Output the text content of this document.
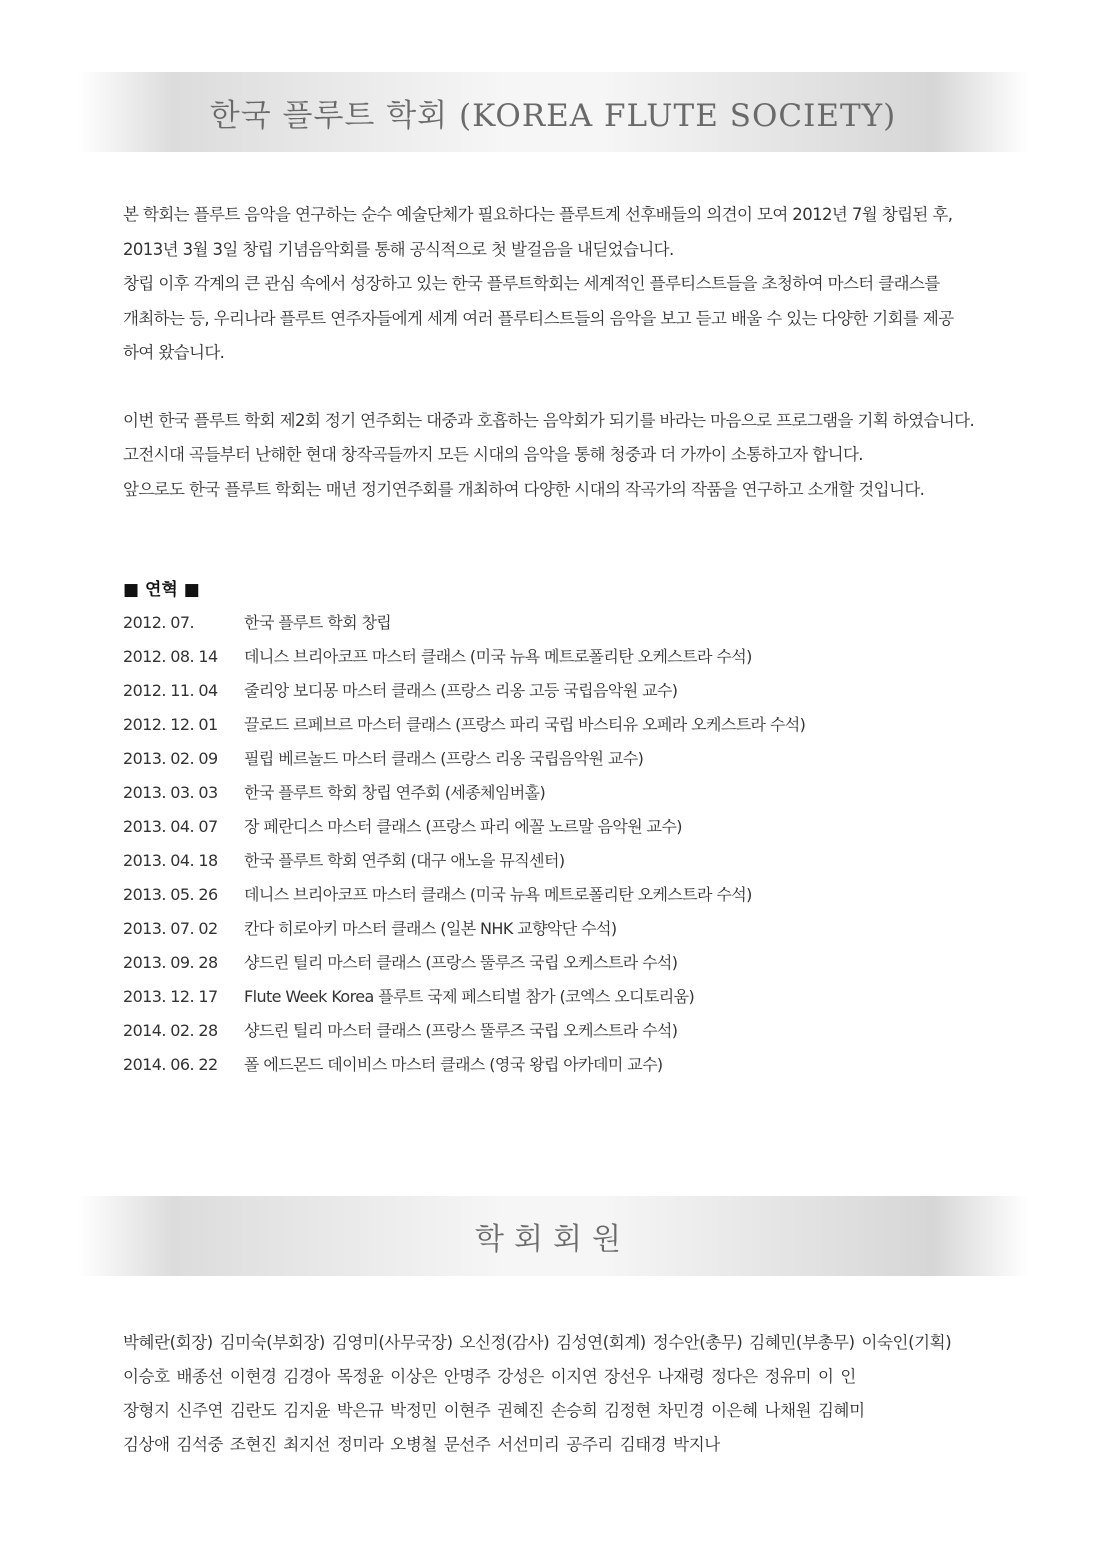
한국 플루트 학회 (KOREA FLUTE SOCIETY)

본 학회는 플루트 음악을 연구하는 순수 예술단체가 필요하다는 플루트계 선후배들의 의견이 모여 2012년 7월 창립된 후,
2013년 3월 3일 창립 기념음악회를 통해 공식적으로 첫 발걸음을 내딛었습니다.
창립 이후 각계의 큰 관심 속에서 성장하고 있는 한국 플루트학회는 세계적인 플루티스트들을 초청하여 마스터 클래스를
개최하는 등, 우리나라 플루트 연주자들에게 세계 여러 플루티스트들의 음악을 보고 듣고 배울 수 있는 다양한 기회를 제공
하여 왔습니다.

이번 한국 플루트 학회 제2회 정기 연주회는 대중과 호흡하는 음악회가 되기를 바라는 마음으로 프로그램을 기획 하였습니다.
고전시대 곡들부터 난해한 현대 창작곡들까지 모든 시대의 음악을 통해 청중과 더 가까이 소통하고자 합니다.
앞으로도 한국 플루트 학회는 매년 정기연주회를 개최하여 다양한 시대의 작곡가의 작품을 연구하고 소개할 것입니다.

■ 연혁 ■
2012. 07.	한국 플루트 학회 창립
2012. 08. 14	데니스 브리아코프 마스터 클래스 (미국 뉴욕 메트로폴리탄 오케스트라 수석)
2012. 11. 04	줄리앙 보디몽 마스터 클래스 (프랑스 리옹 고등 국립음악원 교수)
2012. 12. 01	끌로드 르페브르 마스터 클래스 (프랑스 파리 국립 바스티유 오페라 오케스트라 수석)
2013. 02. 09	필립 베르놀드 마스터 클래스 (프랑스 리옹 국립음악원 교수)
2013. 03. 03	한국 플루트 학회 창립 연주회 (세종체임버홀)
2013. 04. 07	장 페란디스 마스터 클래스 (프랑스 파리 에꼴 노르말 음악원 교수)
2013. 04. 18	한국 플루트 학회 연주회 (대구 애노을 뮤직센터)
2013. 05. 26	데니스 브리아코프 마스터 클래스 (미국 뉴욕 메트로폴리탄 오케스트라 수석)
2013. 07. 02	칸다 히로아키 마스터 클래스 (일본 NHK 교향악단 수석)
2013. 09. 28	샹드린 틸리 마스터 클래스 (프랑스 뚤루즈 국립 오케스트라 수석)
2013. 12. 17	Flute Week Korea 플루트 국제 페스티벌 참가 (코엑스 오디토리움)
2014. 02. 28	샹드린 틸리 마스터 클래스 (프랑스 뚤루즈 국립 오케스트라 수석)
2014. 06. 22	폴 에드몬드 데이비스 마스터 클래스 (영국 왕립 아카데미 교수)
학회회원
박혜란(회장) 김미숙(부회장) 김영미(사무국장) 오신정(감사) 김성연(회계) 정수안(총무) 김혜민(부총무) 이숙인(기획)
이승호 배종선 이현경 김경아 목정윤 이상은 안명주 강성은 이지연 장선우 나재령 정다은 정유미 이 인
장형지 신주연 김란도 김지윤 박은규 박정민 이현주 권혜진 손승희 김정현 차민경 이은혜 나채원 김혜미
김상애 김석중 조현진 최지선 정미라 오병철 문선주 서선미리 공주리 김태경 박지나
